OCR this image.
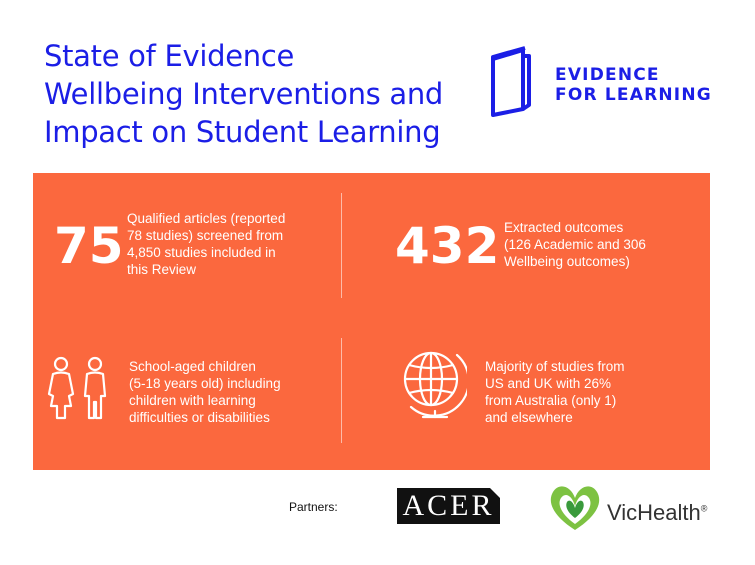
State of Evidence
Wellbeing Interventions and
Impact on Student Learning
EVIDENCE
FOR LEARNING
75 Qualified articles (reported
78 studies) screened from
4,850 studies included in
this Review	432 Extracted outcomes
(126 Academic and 306
Wellbeing outcomes)
School-aged children
(5-18 years old) including
children with learning
difficulties or disabilities
Majority of studies from
US and UK with 26%
from Australia (only 1)
and elsewhere
Partners: ACER	VicHealth®
